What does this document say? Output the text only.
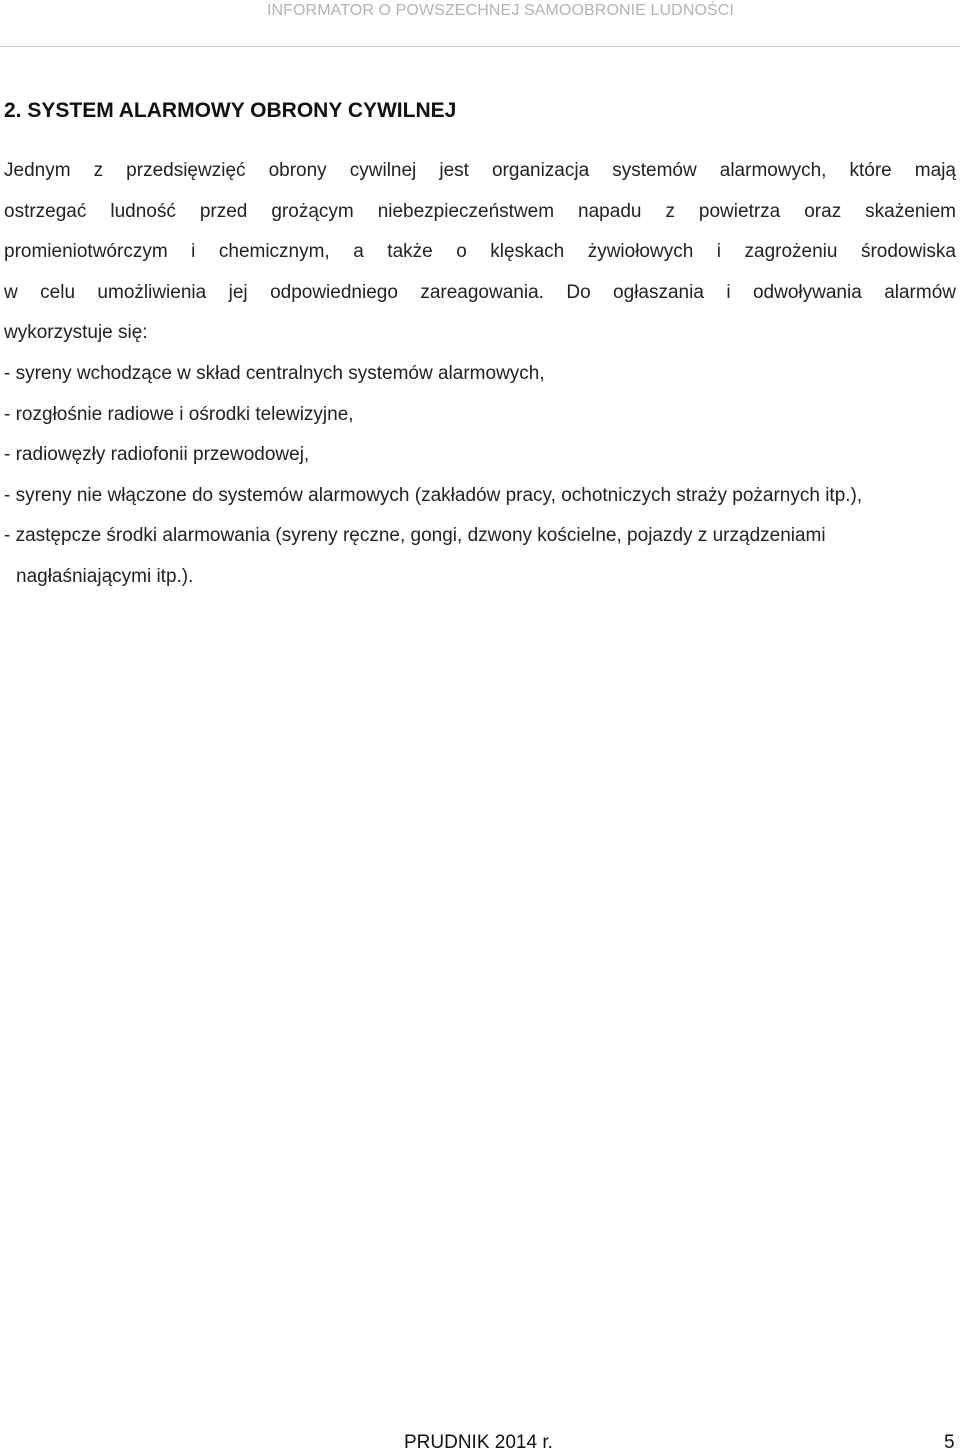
INFORMATOR O POWSZECHNEJ SAMOOBRONIE LUDNOŚCI
2. SYSTEM ALARMOWY OBRONY CYWILNEJ
Jednym z przedsięwzięć obrony cywilnej jest organizacja systemów alarmowych, które mają
ostrzegać ludność przed grożącym niebezpieczeństwem napadu z powietrza oraz skażeniem
promieniotwórczym i chemicznym, a także o klęskach żywiołowych i zagrożeniu środowiska
w celu umożliwienia jej odpowiedniego zareagowania. Do ogłaszania i odwoływania alarmów
wykorzystuje się:
- syreny wchodzące w skład centralnych systemów alarmowych,
- rozgłośnie radiowe i ośrodki telewizyjne,
- radiowęzły radiofonii przewodowej,
- syreny nie włączone do systemów alarmowych (zakładów pracy, ochotniczych straży pożarnych itp.),
- zastępcze środki alarmowania (syreny ręczne, gongi, dzwony kościelne, pojazdy z urządzeniami nagłaśniającymi itp.).
PRUDNIK 2014 r.	5
